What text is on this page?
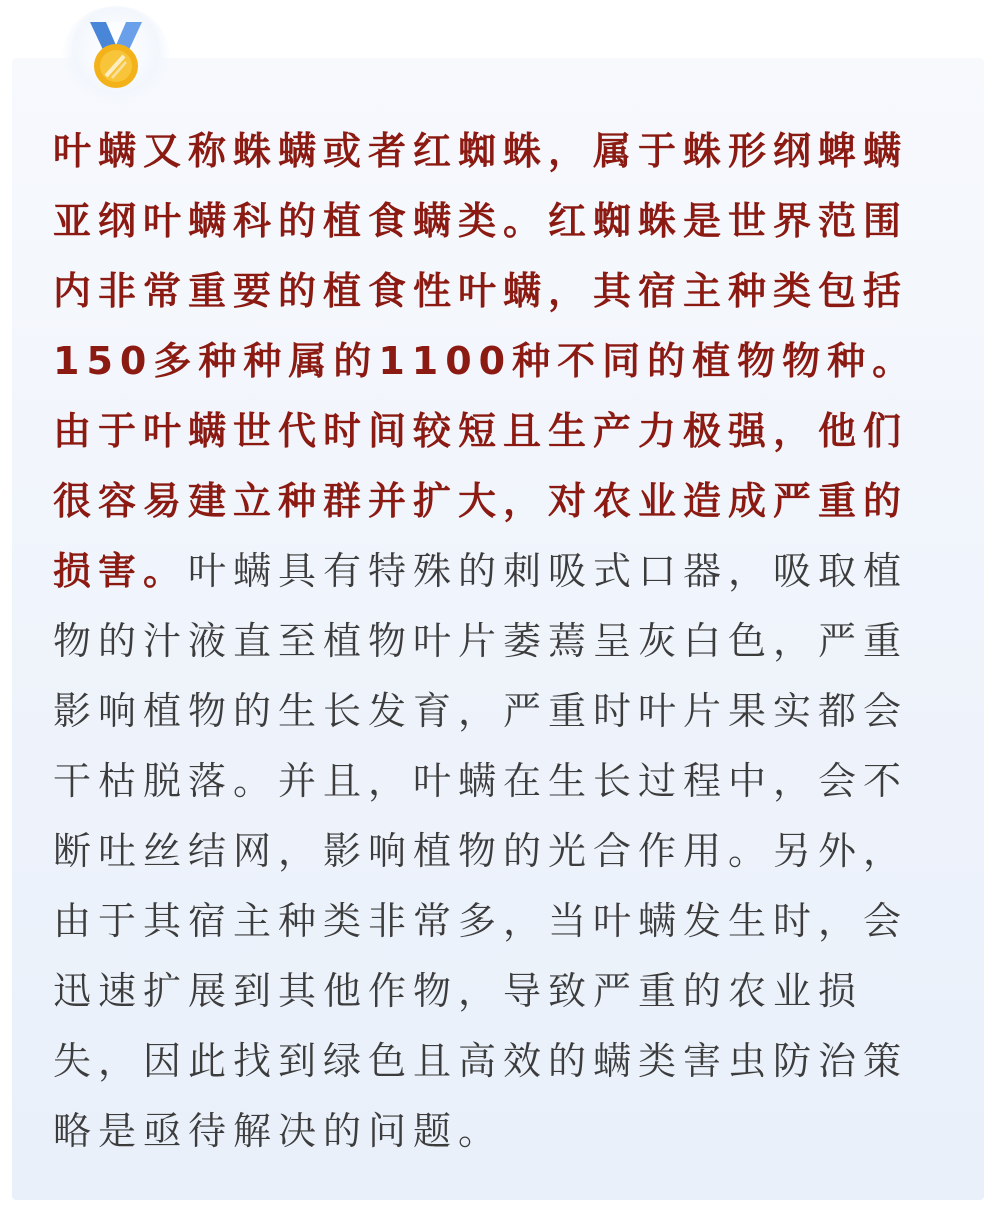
叶螨又称蛛螨或者红蜘蛛，属于蛛形纲蜱螨
亚纲叶螨科的植食螨类。红蜘蛛是世界范围
内非常重要的植食性叶螨，其宿主种类包括
150多种种属的1100种不同的植物物种。
由于叶螨世代时间较短且生产力极强，他们
很容易建立种群并扩大，对农业造成严重的
损害。叶螨具有特殊的刺吸式口器，吸取植
物的汁液直至植物叶片萎蔫呈灰白色，严重
影响植物的生长发育，严重时叶片果实都会
干枯脱落。并且，叶螨在生长过程中，会不
断吐丝结网，影响植物的光合作用。另外，
由于其宿主种类非常多，当叶螨发生时，会
迅速扩展到其他作物，导致严重的农业损
失，因此找到绿色且高效的螨类害虫防治策
略是亟待解决的问题。
